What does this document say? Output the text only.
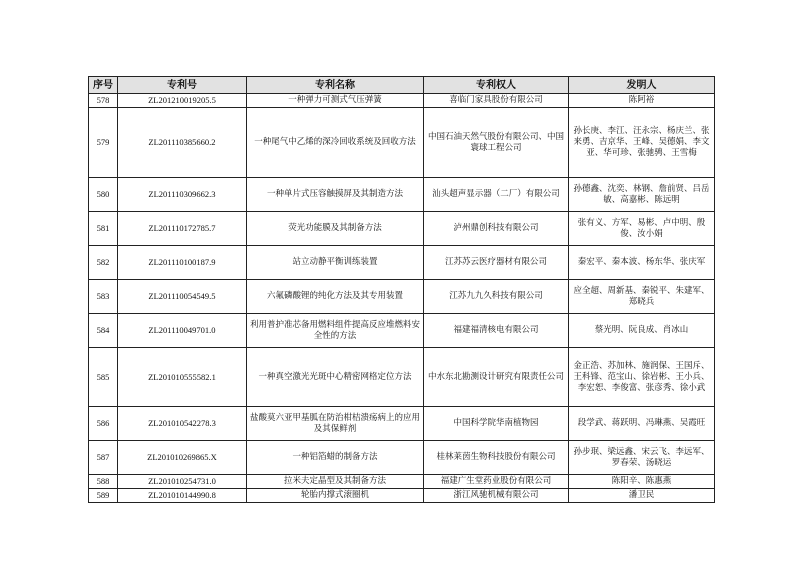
序号	专利号	专利名称	专利权人	发明人
578	ZL201210019205.5	一种弹力可测式气压弹簧	喜临门家具股份有限公司	陈阿裕
579	ZL201110385660.2	一种尾气中乙烯的深冷回收系统及回收方法	中国石油天然气股份有限公司、中国寰球工程公司	孙长庚、李江、汪永宗、杨庆兰、张来勇、吉京华、王峰、吴德娟、李文亚、华可珍、张驰骋、王雪梅
580	ZL201110309662.3	一种单片式压容触摸屏及其制造方法	汕头超声显示器（二厂）有限公司	孙德鑫、沈奕、林钢、詹前贤、吕岳敏、高嘉彬、陈远明
581	ZL201110172785.7	荧光功能膜及其制备方法	泸州鼎创科技有限公司	张有义、方军、易彬、卢中明、殷俊、汝小娟
582	ZL201110100187.9	站立动静平衡训练装置	江苏苏云医疗器材有限公司	秦宏平、秦本波、杨东华、张庆军
583	ZL201110054549.5	六氟磷酸锂的纯化方法及其专用装置	江苏九九久科技有限公司	应全超、周新基、秦锐平、朱建军、郑晓兵
584	ZL201110049701.0	利用普护准芯备用燃料组件提高反应堆燃料安全性的方法	福建福清核电有限公司	蔡光明、阮良成、肖冰山
585	ZL201010555582.1	一种真空激光光斑中心精密网格定位方法	中水东北勘测设计研究有限责任公司	金正浩、苏加林、施润保、王国斥、王科锋、范宝山、徐岩彬、王小兵、李宏恕、李俊富、张彦秀、徐小武
586	ZL201010542278.3	盐酸莫六亚甲基胍在防治柑桔溃疡病上的应用及其保鲜剂	中国科学院华南植物园	段学武、蒋跃明、冯琳燕、吴霞旺
587	ZL201010269865.X	一种铝箔蜡的制备方法	桂林莱茵生物科技股份有限公司	孙步珉、梁远鑫、宋云飞、李远军、罗春荣、汤晓运
588	ZL201010254731.0	拉米夫定晶型及其制备方法	福建广生堂药业股份有限公司	陈阳辛、陈惠燕
589	ZL201010144990.8	轮胎内撑式滚圈机	浙江风驰机械有限公司	潘卫民
